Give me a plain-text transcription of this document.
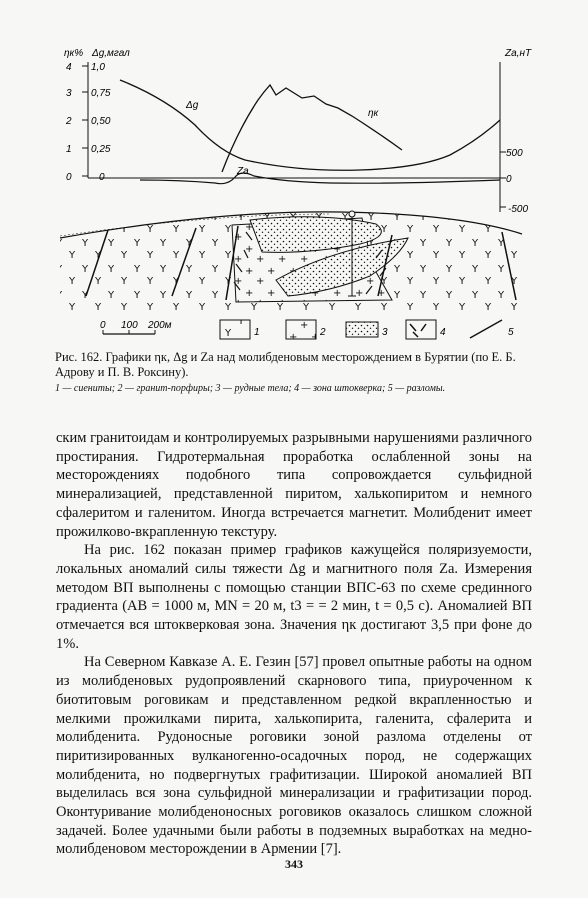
ηк% Δg,мгал	Za,нТ
4
3
2
1
0
1,0
0,75
0,50
0,25
0
500
0
-500
Δg
ηк
Za
0 100 200м
1	2	3	4	5
Рис. 162. Графики ηк, Δg и Za над молибденовым месторождением в Бурятии (по Е. Б. Адрову и П. В. Роксину).
1 — сиениты; 2 — гранит-порфиры; 3 — рудные тела; 4 — зона штокверка; 5 — разломы.

ским гранитоидам и контролируемых разрывными нарушениями различного простирания. Гидротермальная проработка ослабленной зоны на месторождениях подобного типа сопровождается сульфидной минерализацией, представленной пиритом, халькопиритом и немного сфалеритом и галенитом. Иногда встречается магнетит. Молибденит имеет прожилково-вкрапленную текстуру.

На рис. 162 показан пример графиков кажущейся поляризуемости, локальных аномалий силы тяжести Δg и магнитного поля Za. Измерения методом ВП выполнены с помощью станции ВПС-63 по схеме срединного градиента (AB = 1000 м, MN = 20 м, t3 = = 2 мин, t = 0,5 с). Аномалией ВП отмечается вся штокверковая зона. Значения ηк достигают 3,5 при фоне до 1%.

На Северном Кавказе А. Е. Гезин [57] провел опытные работы на одном из молибденовых рудопроявлений скарнового типа, приуроченном к биотитовым роговикам и представленном редкой вкрапленностью и мелкими прожилками пирита, халькопирита, галенита, сфалерита и молибденита. Рудоносные роговики зоной разлома отделены от пиритизированных вулканогенно-осадочных пород, не содержащих молибденита, но подвергнутых графитизации. Широкой аномалией ВП выделилась вся зона сульфидной минерализации и графитизации пород. Оконтуривание молибденоносных роговиков оказалось слишком сложной задачей. Более удачными были работы в подземных выработках на медно-молибденовом месторождении в Армении [7].

343
